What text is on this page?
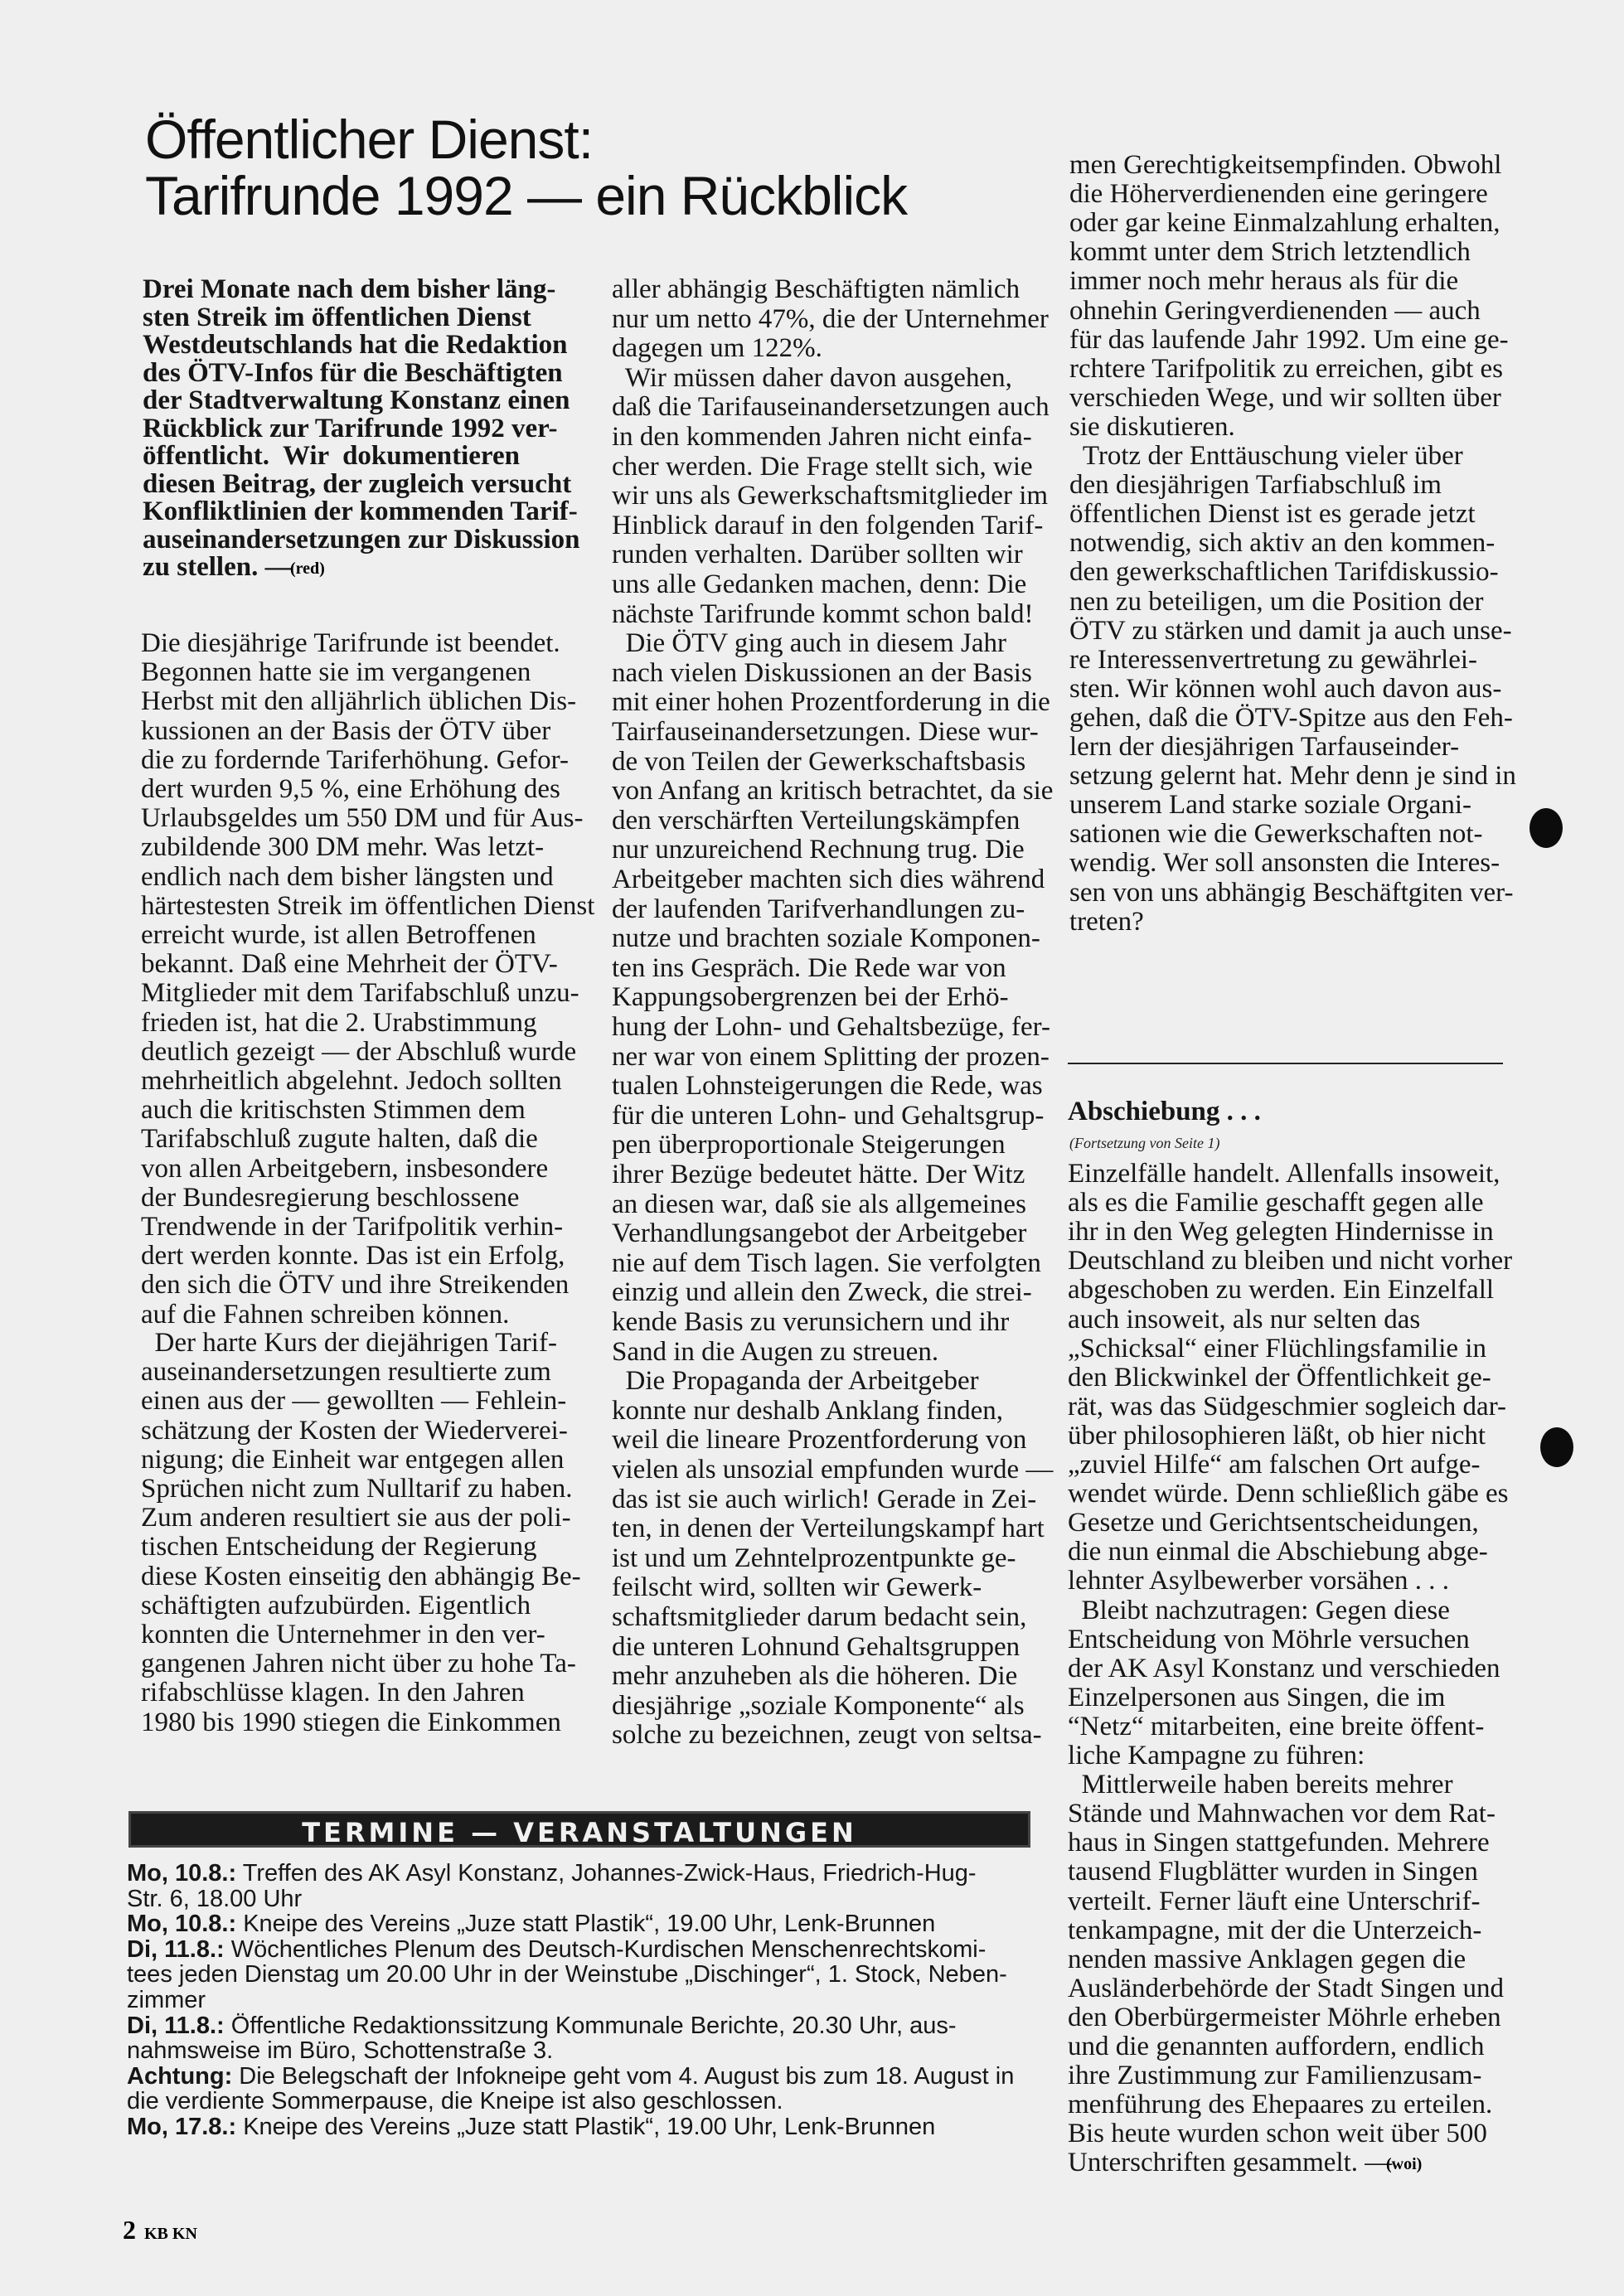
Öffentlicher Dienst:
Tarifrunde 1992 — ein Rückblick
Drei Monate nach dem bisher läng-
sten Streik im öffentlichen Dienst
Westdeutschlands hat die Redaktion
des ÖTV-Infos für die Beschäftigten
der Stadtverwaltung Konstanz einen
Rückblick zur Tarifrunde 1992 ver-
öffentlicht.  Wir  dokumentieren
diesen Beitrag, der zugleich versucht
Konfliktlinien der kommenden Tarif-
auseinandersetzungen zur Diskussion
zu stellen. —
(red)
Die diesjährige Tarifrunde ist beendet.
Begonnen hatte sie im vergangenen
Herbst mit den alljährlich üblichen Dis-
kussionen an der Basis der ÖTV über
die zu fordernde Tariferhöhung. Gefor-
dert wurden 9,5 %, eine Erhöhung des
Urlaubsgeldes um 550 DM und für Aus-
zubildende 300 DM mehr. Was letzt-
endlich nach dem bisher längsten und
härtestesten Streik im öffentlichen Dienst
erreicht wurde, ist allen Betroffenen
bekannt. Daß eine Mehrheit der ÖTV-
Mitglieder mit dem Tarifabschluß unzu-
frieden ist, hat die 2. Urabstimmung
deutlich gezeigt — der Abschluß wurde
mehrheitlich abgelehnt. Jedoch sollten
auch die kritischsten Stimmen dem
Tarifabschluß zugute halten, daß die
von allen Arbeitgebern, insbesondere
der Bundesregierung beschlossene
Trendwende in der Tarifpolitik verhin-
dert werden konnte. Das ist ein Erfolg,
den sich die ÖTV und ihre Streikenden
auf die Fahnen schreiben können.
Der harte Kurs der diejährigen Tarif-
auseinandersetzungen resultierte zum
einen aus der — gewollten — Fehlein-
schätzung der Kosten der Wiederverei-
nigung; die Einheit war entgegen allen
Sprüchen nicht zum Nulltarif zu haben.
Zum anderen resultiert sie aus der poli-
tischen Entscheidung der Regierung
diese Kosten einseitig den abhängig Be-
schäftigten aufzubürden. Eigentlich
konnten die Unternehmer in den ver-
gangenen Jahren nicht über zu hohe Ta-
rifabschlüsse klagen. In den Jahren
1980 bis 1990 stiegen die Einkommen
aller abhängig Beschäftigten nämlich
nur um netto 47%, die der Unternehmer
dagegen um 122%.
Wir müssen daher davon ausgehen,
daß die Tarifauseinandersetzungen auch
in den kommenden Jahren nicht einfa-
cher werden. Die Frage stellt sich, wie
wir uns als Gewerkschaftsmitglieder im
Hinblick darauf in den folgenden Tarif-
runden verhalten. Darüber sollten wir
uns alle Gedanken machen, denn: Die
nächste Tarifrunde kommt schon bald!
Die ÖTV ging auch in diesem Jahr
nach vielen Diskussionen an der Basis
mit einer hohen Prozentforderung in die
Tairfauseinandersetzungen. Diese wur-
de von Teilen der Gewerkschaftsbasis
von Anfang an kritisch betrachtet, da sie
den verschärften Verteilungskämpfen
nur unzureichend Rechnung trug. Die
Arbeitgeber machten sich dies während
der laufenden Tarifverhandlungen zu-
nutze und brachten soziale Komponen-
ten ins Gespräch. Die Rede war von
Kappungsobergrenzen bei der Erhö-
hung der Lohn- und Gehaltsbezüge, fer-
ner war von einem Splitting der prozen-
tualen Lohnsteigerungen die Rede, was
für die unteren Lohn- und Gehaltsgrup-
pen überproportionale Steigerungen
ihrer Bezüge bedeutet hätte. Der Witz
an diesen war, daß sie als allgemeines
Verhandlungsangebot der Arbeitgeber
nie auf dem Tisch lagen. Sie verfolgten
einzig und allein den Zweck, die strei-
kende Basis zu verunsichern und ihr
Sand in die Augen zu streuen.
Die Propaganda der Arbeitgeber
konnte nur deshalb Anklang finden,
weil die lineare Prozentforderung von
vielen als unsozial empfunden wurde —
das ist sie auch wirlich! Gerade in Zei-
ten, in denen der Verteilungskampf hart
ist und um Zehntelprozentpunkte ge-
feilscht wird, sollten wir Gewerk-
schaftsmitglieder darum bedacht sein,
die unteren Lohnund Gehaltsgruppen
mehr anzuheben als die höheren. Die
diesjährige „soziale Komponente“ als
solche zu bezeichnen, zeugt von seltsa-
men Gerechtigkeitsempfinden. Obwohl
die Höherverdienenden eine geringere
oder gar keine Einmalzahlung erhalten,
kommt unter dem Strich letztendlich
immer noch mehr heraus als für die
ohnehin Geringverdienenden — auch
für das laufende Jahr 1992. Um eine ge-
rchtere Tarifpolitik zu erreichen, gibt es
verschieden Wege, und wir sollten über
sie diskutieren.
Trotz der Enttäuschung vieler über
den diesjährigen Tarfiabschluß im
öffentlichen Dienst ist es gerade jetzt
notwendig, sich aktiv an den kommen-
den gewerkschaftlichen Tarifdiskussio-
nen zu beteiligen, um die Position der
ÖTV zu stärken und damit ja auch unse-
re Interessenvertretung zu gewährlei-
sten. Wir können wohl auch davon aus-
gehen, daß die ÖTV-Spitze aus den Feh-
lern der diesjährigen Tarfauseinder-
setzung gelernt hat. Mehr denn je sind in
unserem Land starke soziale Organi-
sationen wie die Gewerkschaften not-
wendig. Wer soll ansonsten die Interes-
sen von uns abhängig Beschäftgiten ver-
treten?
Abschiebung . . .
(Fortsetzung von Seite 1)
Einzelfälle handelt. Allenfalls insoweit,
als es die Familie geschafft gegen alle
ihr in den Weg gelegten Hindernisse in
Deutschland zu bleiben und nicht vorher
abgeschoben zu werden. Ein Einzelfall
auch insoweit, als nur selten das
„Schicksal“ einer Flüchlingsfamilie in
den Blickwinkel der Öffentlichkeit ge-
rät, was das Südgeschmier sogleich dar-
über philosophieren läßt, ob hier nicht
„zuviel Hilfe“ am falschen Ort aufge-
wendet würde. Denn schließlich gäbe es
Gesetze und Gerichtsentscheidungen,
die nun einmal die Abschiebung abge-
lehnter Asylbewerber vorsähen . . .
Bleibt nachzutragen: Gegen diese
Entscheidung von Möhrle versuchen
der AK Asyl Konstanz und verschieden
Einzelpersonen aus Singen, die im
“Netz“ mitarbeiten, eine breite öffent-
liche Kampagne zu führen:
Mittlerweile haben bereits mehrer
Stände und Mahnwachen vor dem Rat-
haus in Singen stattgefunden. Mehrere
tausend Flugblätter wurden in Singen
verteilt. Ferner läuft eine Unterschrif-
tenkampagne, mit der die Unterzeich-
nenden massive Anklagen gegen die
Ausländerbehörde der Stadt Singen und
den Oberbürgermeister Möhrle erheben
und die genannten auffordern, endlich
ihre Zustimmung zur Familienzusam-
menführung des Ehepaares zu erteilen.
Bis heute wurden schon weit über 500
Unterschriften gesammelt. —
(woi)
TERMINE — VERANSTALTUNGEN
Mo, 10.8.: Treffen des AK Asyl Konstanz, Johannes-Zwick-Haus, Friedrich-Hug-
Str. 6, 18.00 Uhr
Mo, 10.8.: Kneipe des Vereins „Juze statt Plastik“, 19.00 Uhr, Lenk-Brunnen
Di, 11.8.: Wöchentliches Plenum des Deutsch-Kurdischen Menschenrechtskomi-
tees jeden Dienstag um 20.00 Uhr in der Weinstube „Dischinger“, 1. Stock, Neben-
zimmer
Di, 11.8.: Öffentliche Redaktionssitzung Kommunale Berichte, 20.30 Uhr, aus-
nahmsweise im Büro, Schottenstraße 3.
Achtung: Die Belegschaft der Infokneipe geht vom 4. August bis zum 18. August in
die verdiente Sommerpause, die Kneipe ist also geschlossen.
Mo, 17.8.: Kneipe des Vereins „Juze statt Plastik“, 19.00 Uhr, Lenk-Brunnen
2 KB KN
